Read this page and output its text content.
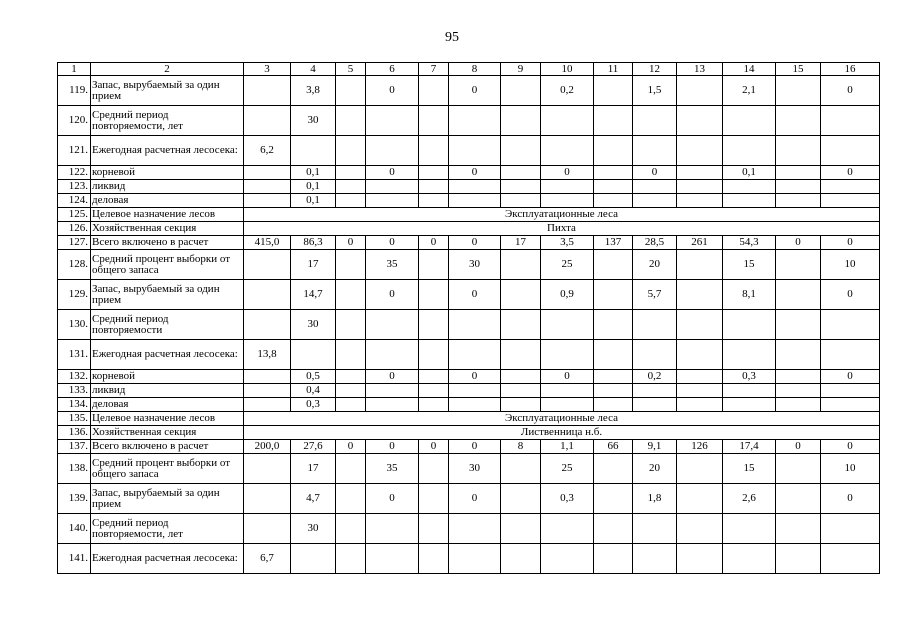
95
1	2	3	4	5	6	7	8	9	10	11	12	13	14	15	16
119.	Запас, вырубаемый за один прием		3,8		0		0		0,2		1,5		2,1		0
120.	Средний период повторяемости, лет		30												
121.	Ежегодная расчетная лесосека:	6,2													
122.	корневой		0,1		0		0		0		0		0,1		0
123.	ликвид		0,1												
124.	деловая		0,1												
125.	Целевое назначение лесов	Эксплуатационные леса													
126.	Хозяйственная секция	Пихта													
127.	Всего включено в расчет	415,0	86,3	0	0	0	0	17	3,5	137	28,5	261	54,3	0	0
128.	Средний процент выборки от общего запаса		17		35		30		25		20		15		10
129.	Запас, вырубаемый за один прием		14,7		0		0		0,9		5,7		8,1		0
130.	Средний период повторяемости		30												
131.	Ежегодная расчетная лесосека:	13,8													
132.	корневой		0,5		0		0		0		0,2		0,3		0
133.	ликвид		0,4												
134.	деловая		0,3												
135.	Целевое назначение лесов	Эксплуатационные леса													
136.	Хозяйственная секция	Лиственница н.б.													
137.	Всего включено в расчет	200,0	27,6	0	0	0	0	8	1,1	66	9,1	126	17,4	0	0
138.	Средний процент выборки от общего запаса		17		35		30		25		20		15		10
139.	Запас, вырубаемый за один прием		4,7		0		0		0,3		1,8		2,6		0
140.	Средний период повторяемости, лет		30												
141.	Ежегодная расчетная лесосека:	6,7													
